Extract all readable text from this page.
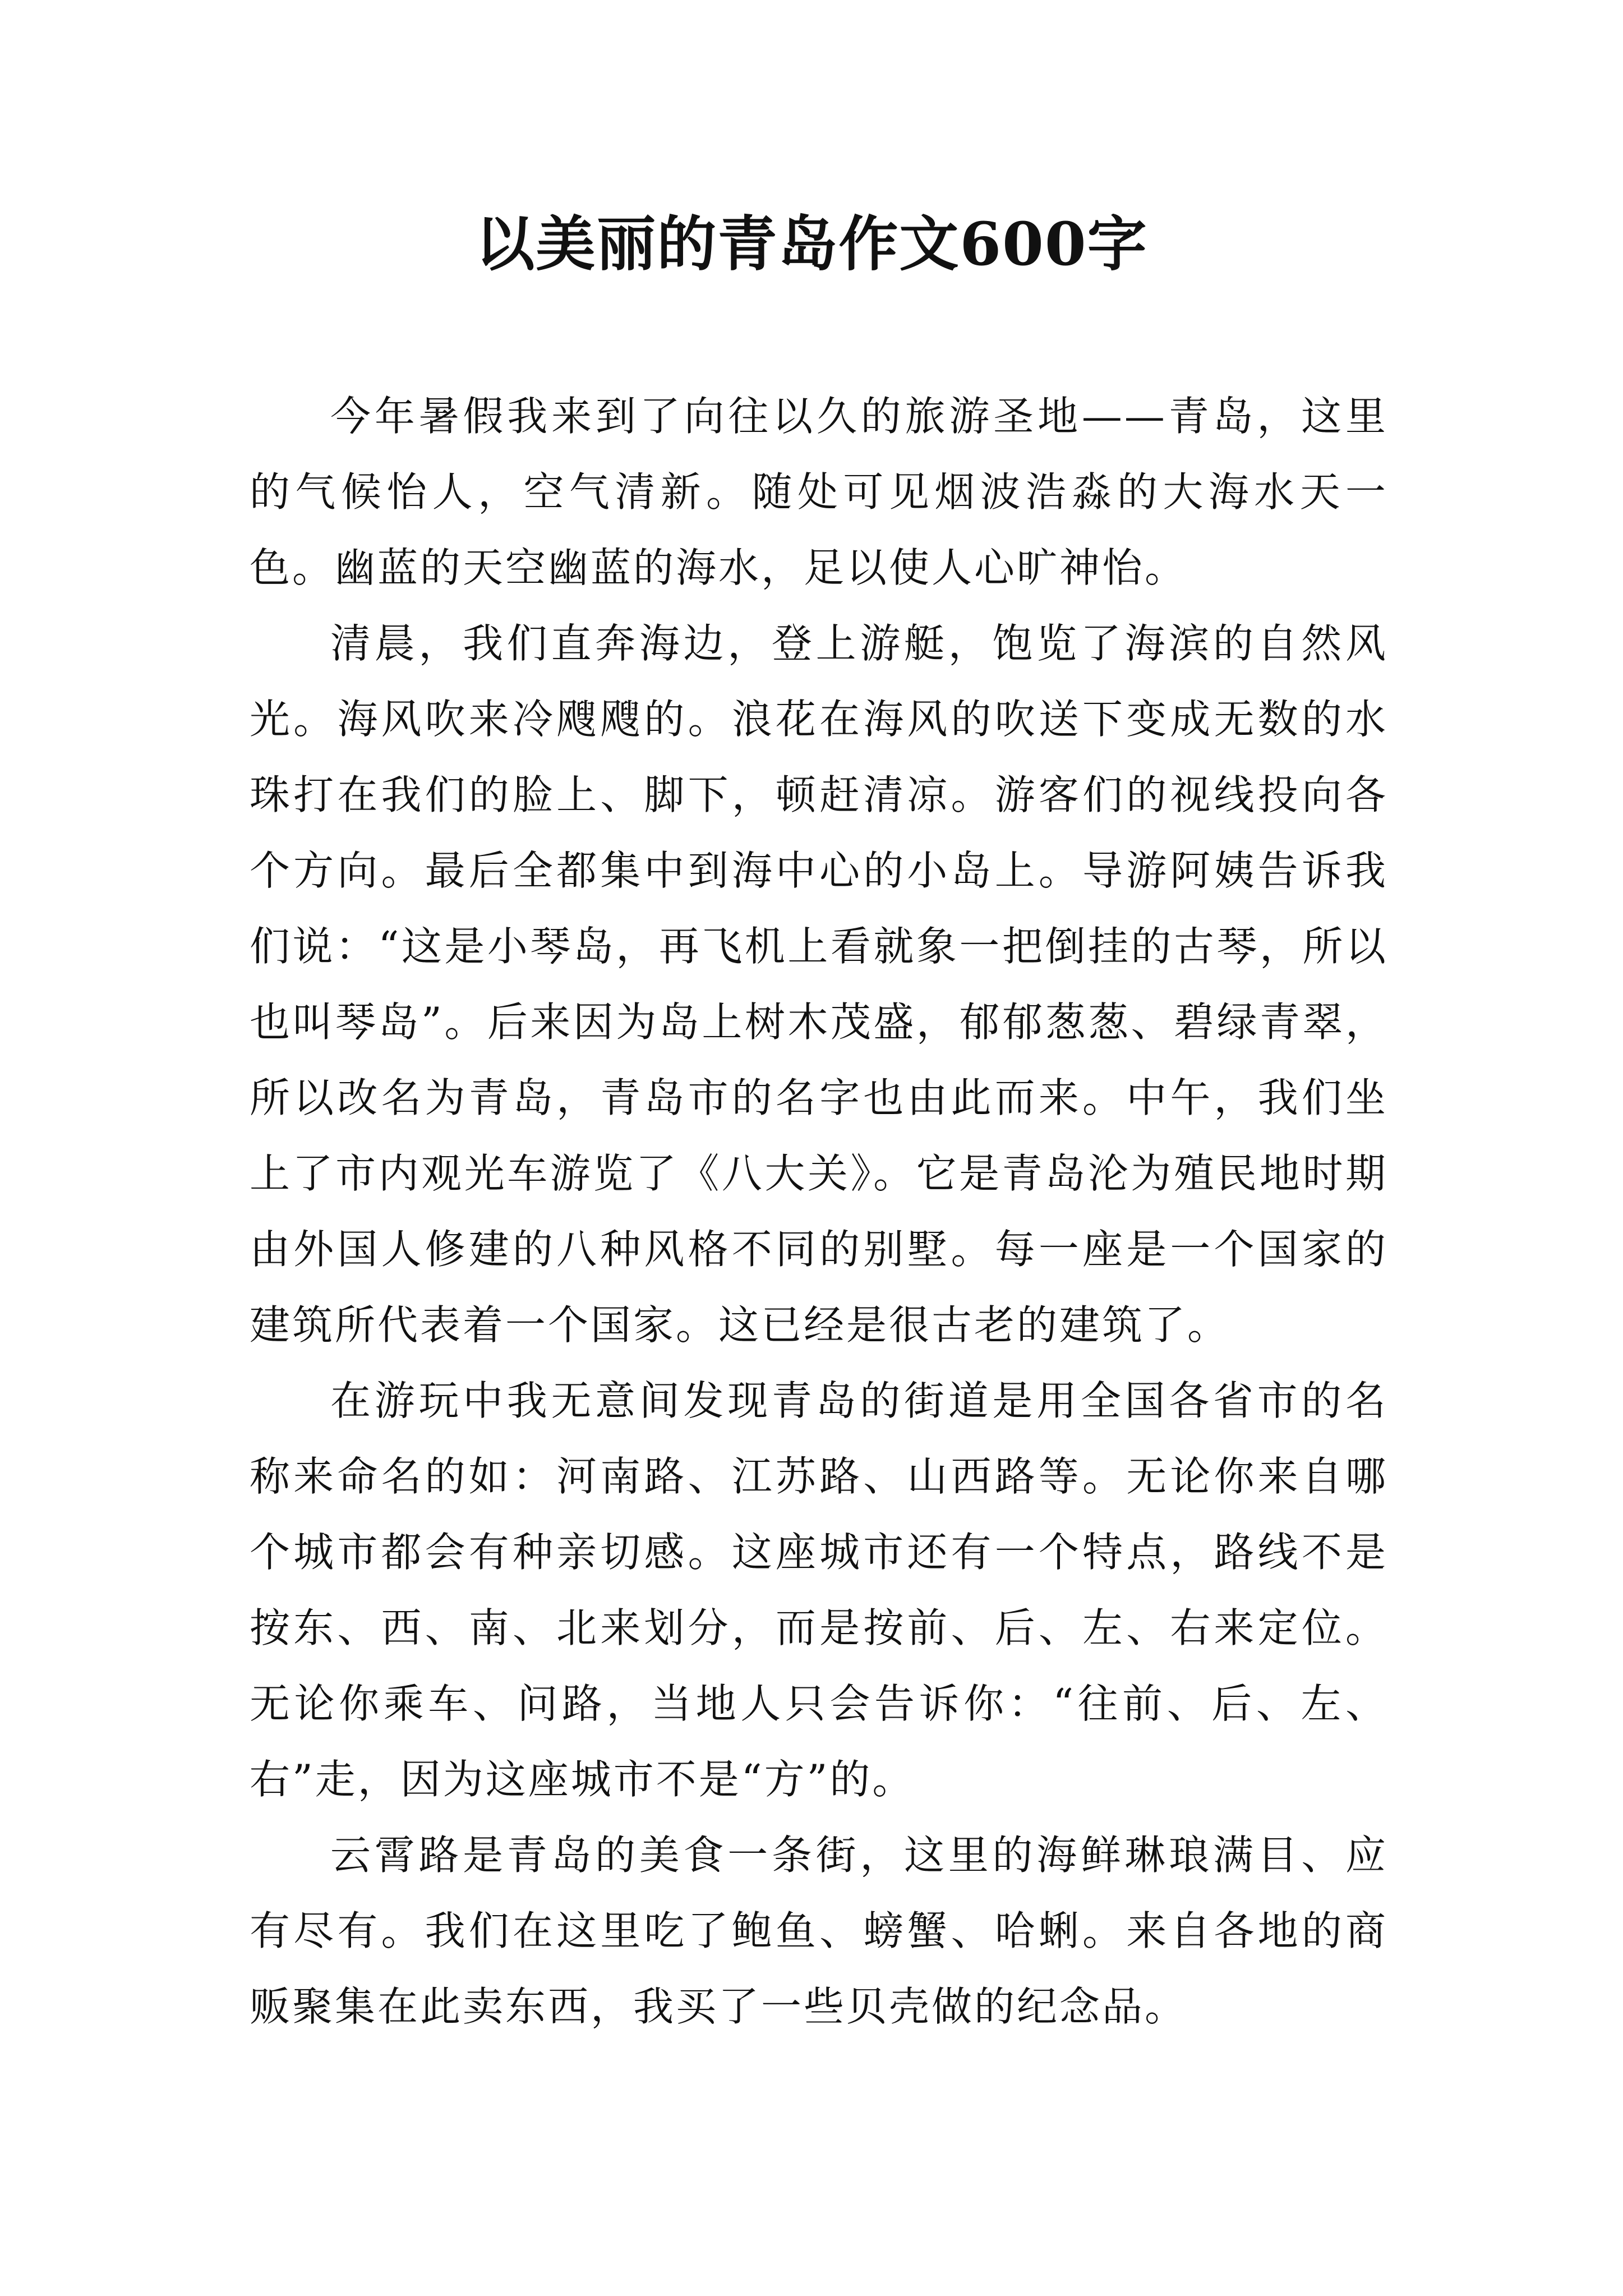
以美丽的青岛作文600字

今年暑假我来到了向往以久的旅游圣地——青岛，这里的气候怡人，空气清新。随处可见烟波浩淼的大海水天一色。幽蓝的天空幽蓝的海水，足以使人心旷神怡。

清晨，我们直奔海边，登上游艇，饱览了海滨的自然风光。海风吹来冷飕飕的。浪花在海风的吹送下变成无数的水珠打在我们的脸上、脚下，顿赶清凉。游客们的视线投向各个方向。最后全都集中到海中心的小岛上。导游阿姨告诉我们说：“这是小琴岛，再飞机上看就象一把倒挂的古琴，所以也叫琴岛”。后来因为岛上树木茂盛，郁郁葱葱、碧绿青翠，所以改名为青岛，青岛市的名字也由此而来。中午，我们坐上了市内观光车游览了《八大关》。它是青岛沦为殖民地时期由外国人修建的八种风格不同的别墅。每一座是一个国家的建筑所代表着一个国家。这已经是很古老的建筑了。

在游玩中我无意间发现青岛的街道是用全国各省市的名称来命名的如：河南路、江苏路、山西路等。无论你来自哪个城市都会有种亲切感。这座城市还有一个特点，路线不是按东、西、南、北来划分，而是按前、后、左、右来定位。无论你乘车、问路，当地人只会告诉你：“往前、后、左、右”走，因为这座城市不是“方”的。

云霄路是青岛的美食一条街，这里的海鲜琳琅满目、应有尽有。我们在这里吃了鲍鱼、螃蟹、哈蜊。来自各地的商贩聚集在此卖东西，我买了一些贝壳做的纪念品。
